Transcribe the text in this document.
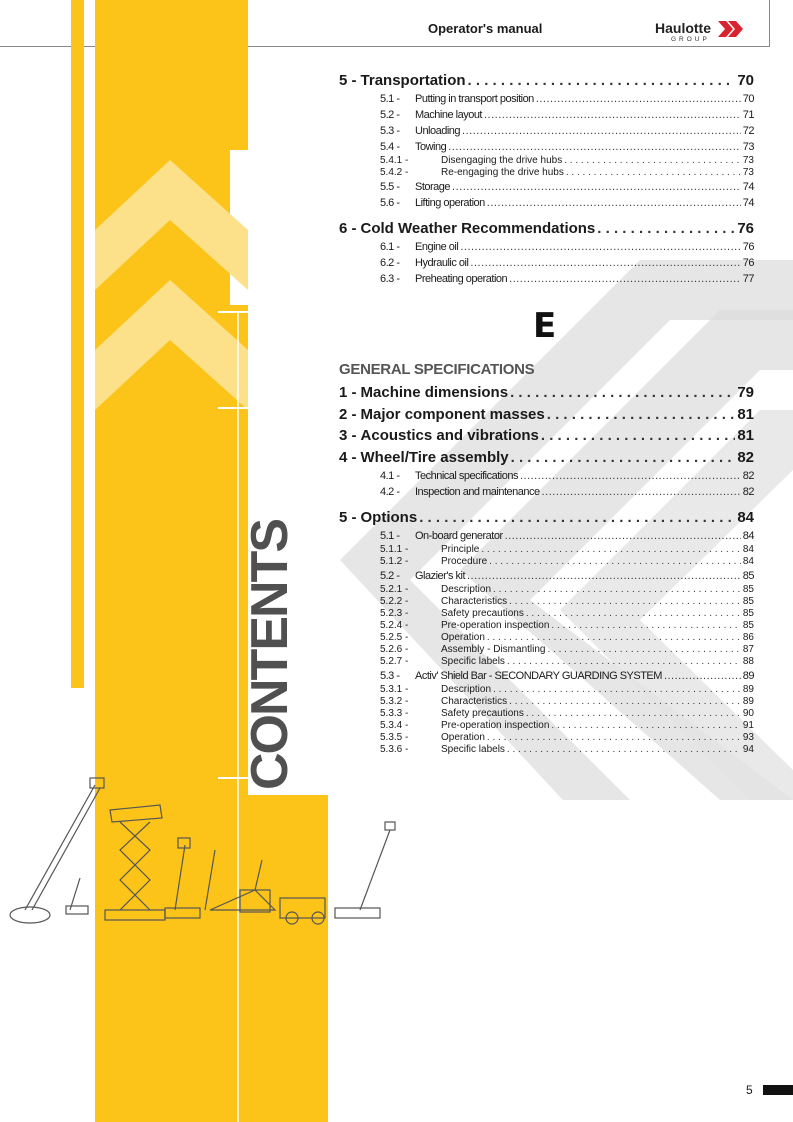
Operator's manual	Haulotte
GROUP
CONTENTS
5 - Transportation . . .	70
5.1 -	Putting in transport position .....	70
5.2 -	Machine layout .....	71
5.3 -	Unloading .....	72
5.4 -	Towing .....	73
5.4.1 -	Disengaging the drive hubs . . .	73
5.4.2 -	Re-engaging the drive hubs . . .	73
5.5 -	Storage .....	74
5.6 -	Lifting operation .....	74
6 - Cold Weather Recommendations . . .	76
6.1 -	Engine oil .....	76
6.2 -	Hydraulic oil .....	76
6.3 -	Preheating operation .....	77
E
GENERAL SPECIFICATIONS
1 - Machine dimensions . . .	79
2 - Major component masses . . .	81
3 - Acoustics and vibrations . . .	81
4 - Wheel/Tire assembly . . .	82
4.1 -	Technical specifications .....	82
4.2 -	Inspection and maintenance .....	82
5 - Options . . .	84
5.1 -	On-board generator .....	84
5.1.1 -	Principle . . .	84
5.1.2 -	Procedure . . .	84
5.2 -	Glazier's kit .....	85
5.2.1 -	Description . . .	85
5.2.2 -	Characteristics . . .	85
5.2.3 -	Safety precautions . . .	85
5.2.4 -	Pre-operation inspection . . .	85
5.2.5 -	Operation . . .	86
5.2.6 -	Assembly - Dismantling . . .	87
5.2.7 -	Specific labels . . .	88
5.3 -	Activ' Shield Bar - SECONDARY GUARDING SYSTEM .....	89
5.3.1 -	Description . . .	89
5.3.2 -	Characteristics . . .	89
5.3.3 -	Safety precautions . . .	90
5.3.4 -	Pre-operation inspection . . .	91
5.3.5 -	Operation . . .	93
5.3.6 -	Specific labels . . .	94
5
